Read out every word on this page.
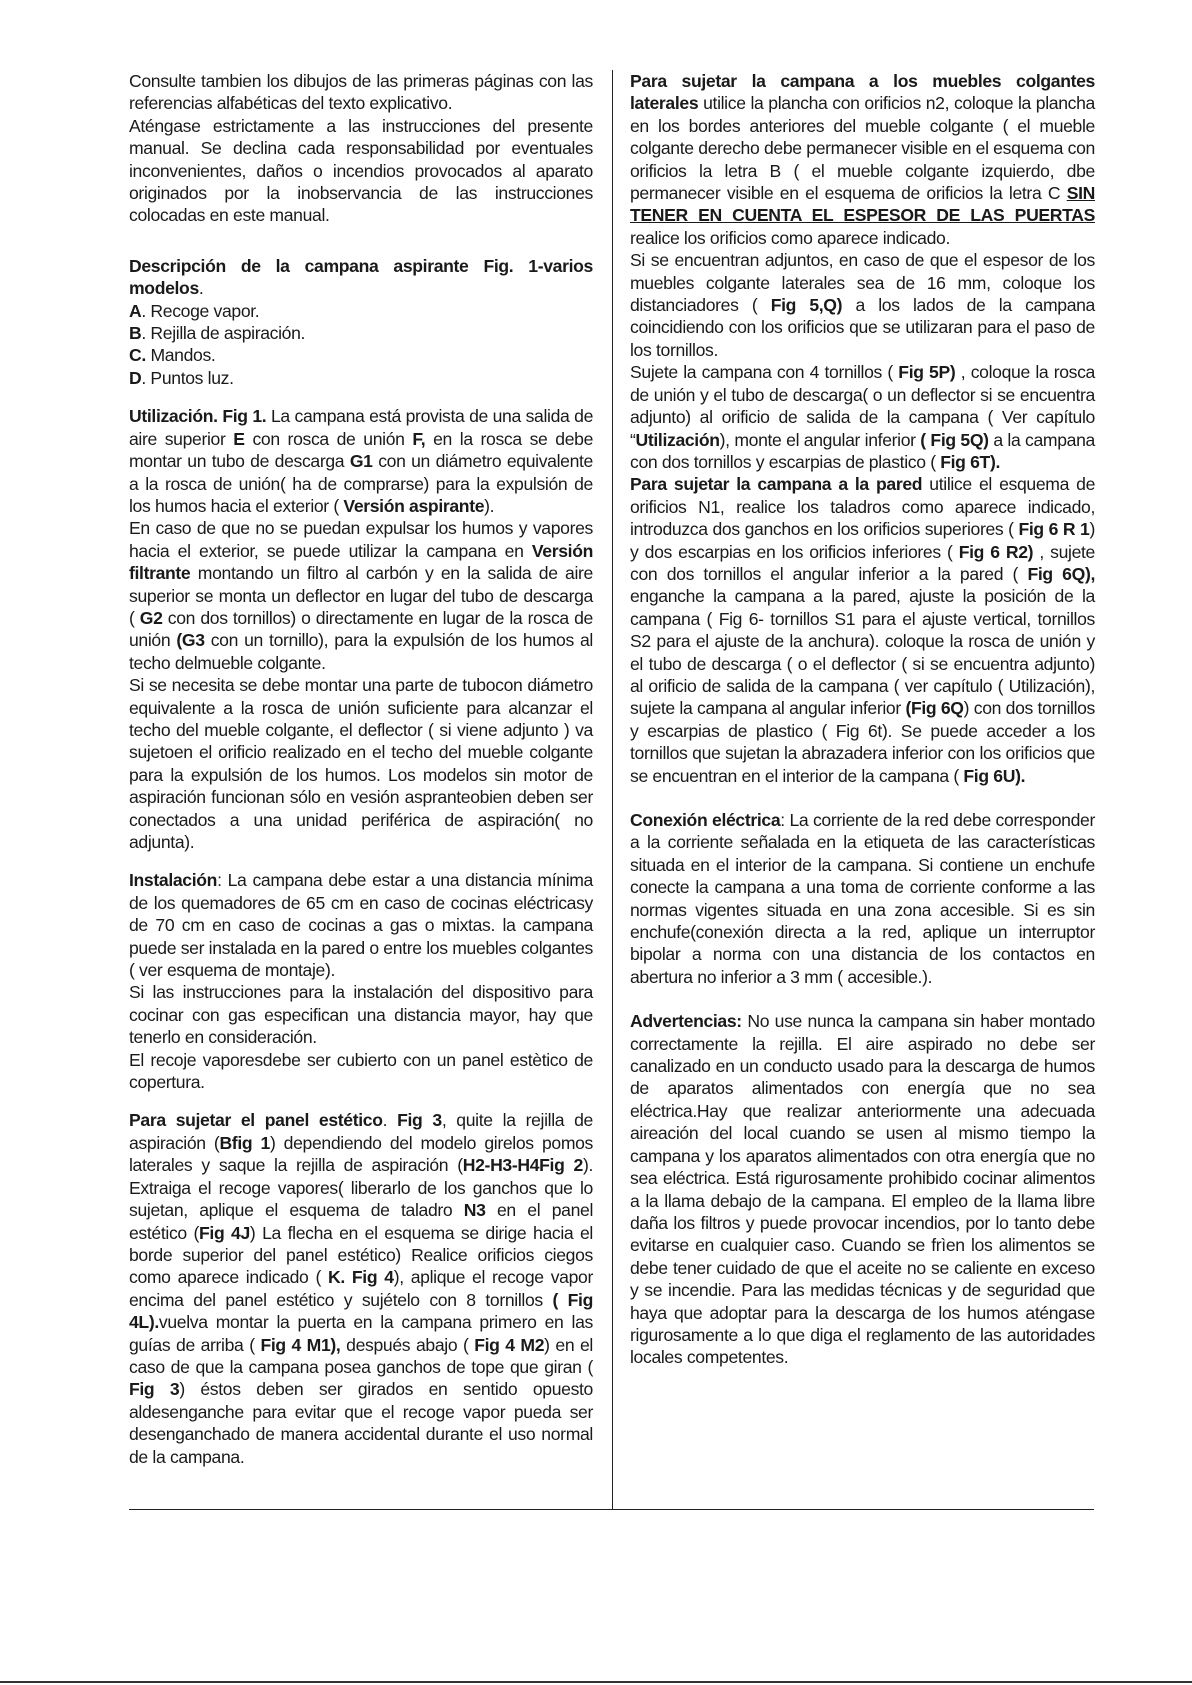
Consulte tambien los dibujos de las primeras páginas con las referencias alfabéticas del texto explicativo.

Aténgase estrictamente a las instrucciones del presente manual. Se declina cada responsabilidad por eventuales inconvenientes, daños o incendios provocados al aparato originados por la inobservancia de las instrucciones colocadas en este manual.

Descripción de la campana aspirante Fig. 1-varios modelos.

A. Recoge vapor.

B. Rejilla de aspiración.

C. Mandos.

D. Puntos luz.

Utilización. Fig 1. La campana está provista de una salida de aire superior E con rosca de unión F, en la rosca se debe montar un tubo de descarga G1 con un diámetro equivalente a la rosca de unión( ha de comprarse) para la expulsión de los humos hacia el exterior ( Versión aspirante).

En caso de que no se puedan expulsar los humos y vapores hacia el exterior, se puede utilizar la campana en Versión filtrante montando un filtro al carbón y en la salida de aire superior se monta un deflector en lugar del tubo de descarga ( G2 con dos tornillos) o directamente en lugar de la rosca de unión (G3 con un tornillo), para la expulsión de los humos al techo delmueble colgante.

Si se necesita se debe montar una parte de tubocon diámetro equivalente a la rosca de unión suficiente para alcanzar el techo del mueble colgante, el deflector ( si viene adjunto ) va sujetoen el orificio realizado en el techo del mueble colgante para la expulsión de los humos. Los modelos sin motor de aspiración funcionan sólo en vesión aspranteobien deben ser conectados a una unidad periférica de aspiración( no adjunta).

Instalación: La campana debe estar a una distancia mínima de los quemadores de 65 cm en caso de cocinas eléctricasy de 70 cm en caso de cocinas a gas o mixtas. la campana puede ser instalada en la pared o entre los muebles colgantes ( ver esquema de montaje).

Si las instrucciones para la instalación del dispositivo para cocinar con gas especifican una distancia mayor, hay que tenerlo en consideración.

El recoje vaporesdebe ser cubierto con un panel estètico de copertura.

Para sujetar el panel estético. Fig 3, quite la rejilla de aspiración (Bfig 1) dependiendo del modelo girelos pomos laterales y saque la rejilla de aspiración (H2-H3-H4Fig 2). Extraiga el recoge vapores( liberarlo de los ganchos que lo sujetan, aplique el esquema de taladro N3 en el panel estético (Fig 4J) La flecha en el esquema se dirige hacia el borde superior del panel estético) Realice orificios ciegos como aparece indicado ( K. Fig 4), aplique el recoge vapor encima del panel estético y sujételo con 8 tornillos ( Fig 4L).vuelva montar la puerta en la campana primero en las guías de arriba ( Fig 4 M1), después abajo ( Fig 4 M2) en el caso de que la campana posea ganchos de tope que giran ( Fig 3) éstos deben ser girados en sentido opuesto aldesenganche para evitar que el recoge vapor pueda ser desenganchado de manera accidental durante el uso normal de la campana.

Para sujetar la campana a los muebles colgantes laterales utilice la plancha con orificios n2, coloque la plancha en los bordes anteriores del mueble colgante ( el mueble colgante derecho debe permanecer visible en el esquema con orificios la letra B ( el mueble colgante izquierdo, dbe permanecer visible en el esquema de orificios la letra C SIN TENER EN CUENTA EL ESPESOR DE LAS PUERTAS realice los orificios como aparece indicado.

Si se encuentran adjuntos, en caso de que el espesor de los muebles colgante laterales sea de 16 mm, coloque los distanciadores ( Fig 5,Q) a los lados de la campana coincidiendo con los orificios que se utilizaran para el paso de los tornillos.

Sujete la campana con 4 tornillos ( Fig 5P) , coloque la rosca de unión y el tubo de descarga( o un deflector si se encuentra adjunto) al orificio de salida de la campana ( Ver capítulo “Utilización), monte el angular inferior ( Fig 5Q) a la campana con dos tornillos y escarpias de plastico ( Fig 6T).

Para sujetar la campana a la pared utilice el esquema de orificios N1, realice los taladros como aparece indicado, introduzca dos ganchos en los orificios superiores ( Fig 6 R 1) y dos escarpias en los orificios inferiores ( Fig 6 R2) , sujete con dos tornillos el angular inferior a la pared ( Fig 6Q), enganche la campana a la pared, ajuste la posición de la campana ( Fig 6- tornillos S1 para el ajuste vertical, tornillos S2 para el ajuste de la anchura). coloque la rosca de unión y el tubo de descarga ( o el deflector ( si se encuentra adjunto) al orificio de salida de la campana ( ver capítulo ( Utilización), sujete la campana al angular inferior (Fig 6Q) con dos tornillos y escarpias de plastico ( Fig 6t). Se puede acceder a los tornillos que sujetan la abrazadera inferior con los orificios que se encuentran en el interior de la campana ( Fig 6U).

Conexión eléctrica: La corriente de la red debe corresponder a la corriente señalada en la etiqueta de las características situada en el interior de la campana. Si contiene un enchufe conecte la campana a una toma de corriente conforme a las normas vigentes situada en una zona accesible. Si es sin enchufe(conexión directa a la red, aplique un interruptor bipolar a norma con una distancia de los contactos en abertura no inferior a 3 mm ( accesible.).

Advertencias: No use nunca la campana sin haber montado correctamente la rejilla. El aire aspirado no debe ser canalizado en un conducto usado para la descarga de humos de aparatos alimentados con energía que no sea eléctrica.Hay que realizar anteriormente una adecuada aireación del local cuando se usen al mismo tiempo la campana y los aparatos alimentados con otra energía que no sea eléctrica. Está rigurosamente prohibido cocinar alimentos a la llama debajo de la campana. El empleo de la llama libre daña los filtros y puede provocar incendios, por lo tanto debe evitarse en cualquier caso. Cuando se frìen los alimentos se debe tener cuidado de que el aceite no se caliente en exceso y se incendie. Para las medidas técnicas y de seguridad que haya que adoptar para la descarga de los humos aténgase rigurosamente a lo que diga el reglamento de las autoridades locales competentes.
